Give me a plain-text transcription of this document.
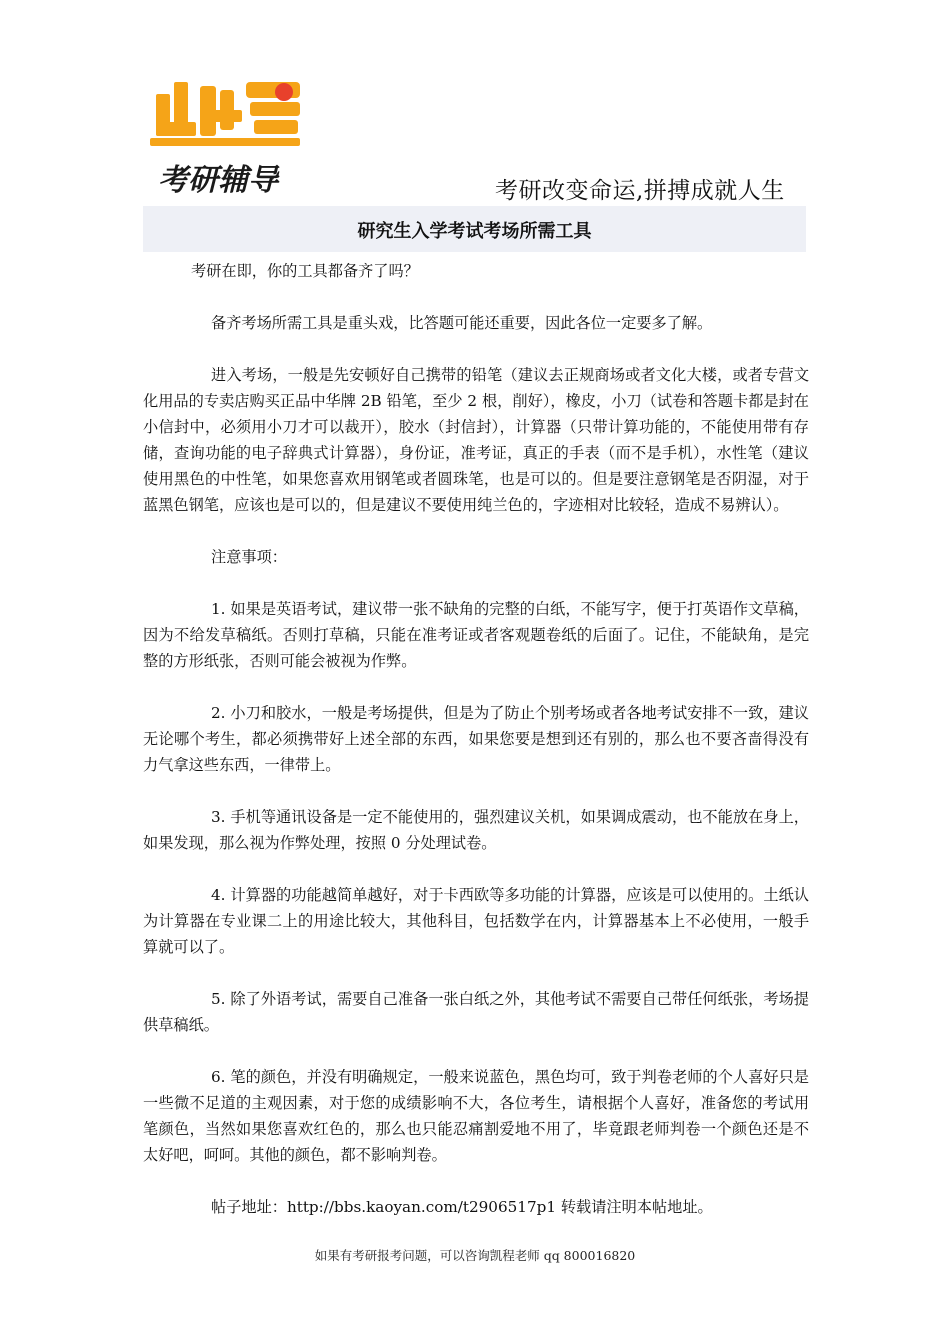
考研辅导	考研改变命运,拼搏成就人生
研究生入学考试考场所需工具

考研在即，你的工具都备齐了吗？

备齐考场所需工具是重头戏，比答题可能还重要，因此各位一定要多了解。

进入考场，一般是先安顿好自己携带的铅笔（建议去正规商场或者文化大楼，或者专营文化用品的专卖店购买正品中华牌 2B 铅笔，至少 2 根，削好），橡皮，小刀（试卷和答题卡都是封在小信封中，必须用小刀才可以裁开），胶水（封信封），计算器（只带计算功能的，不能使用带有存储，查询功能的电子辞典式计算器），身份证，准考证，真正的手表（而不是手机），水性笔（建议使用黑色的中性笔，如果您喜欢用钢笔或者圆珠笔，也是可以的。但是要注意钢笔是否阴湿，对于蓝黑色钢笔，应该也是可以的，但是建议不要使用纯兰色的，字迹相对比较轻，造成不易辨认）。

注意事项：

1. 如果是英语考试，建议带一张不缺角的完整的白纸，不能写字，便于打英语作文草稿，因为不给发草稿纸。否则打草稿，只能在准考证或者客观题卷纸的后面了。记住，不能缺角，是完整的方形纸张，否则可能会被视为作弊。

2. 小刀和胶水，一般是考场提供，但是为了防止个别考场或者各地考试安排不一致，建议无论哪个考生，都必须携带好上述全部的东西，如果您要是想到还有别的，那么也不要吝啬得没有力气拿这些东西，一律带上。

3. 手机等通讯设备是一定不能使用的，强烈建议关机，如果调成震动，也不能放在身上，如果发现，那么视为作弊处理，按照 0 分处理试卷。

4. 计算器的功能越简单越好，对于卡西欧等多功能的计算器，应该是可以使用的。土纸认为计算器在专业课二上的用途比较大，其他科目，包括数学在内，计算器基本上不必使用，一般手算就可以了。

5. 除了外语考试，需要自己准备一张白纸之外，其他考试不需要自己带任何纸张，考场提供草稿纸。

6. 笔的颜色，并没有明确规定，一般来说蓝色，黑色均可，致于判卷老师的个人喜好只是一些微不足道的主观因素，对于您的成绩影响不大，各位考生，请根据个人喜好，准备您的考试用笔颜色，当然如果您喜欢红色的，那么也只能忍痛割爱地不用了，毕竟跟老师判卷一个颜色还是不太好吧，呵呵。其他的颜色，都不影响判卷。

帖子地址：http://bbs.kaoyan.com/t2906517p1 转载请注明本帖地址。

如果有考研报考问题，可以咨询凯程老师 qq 800016820
